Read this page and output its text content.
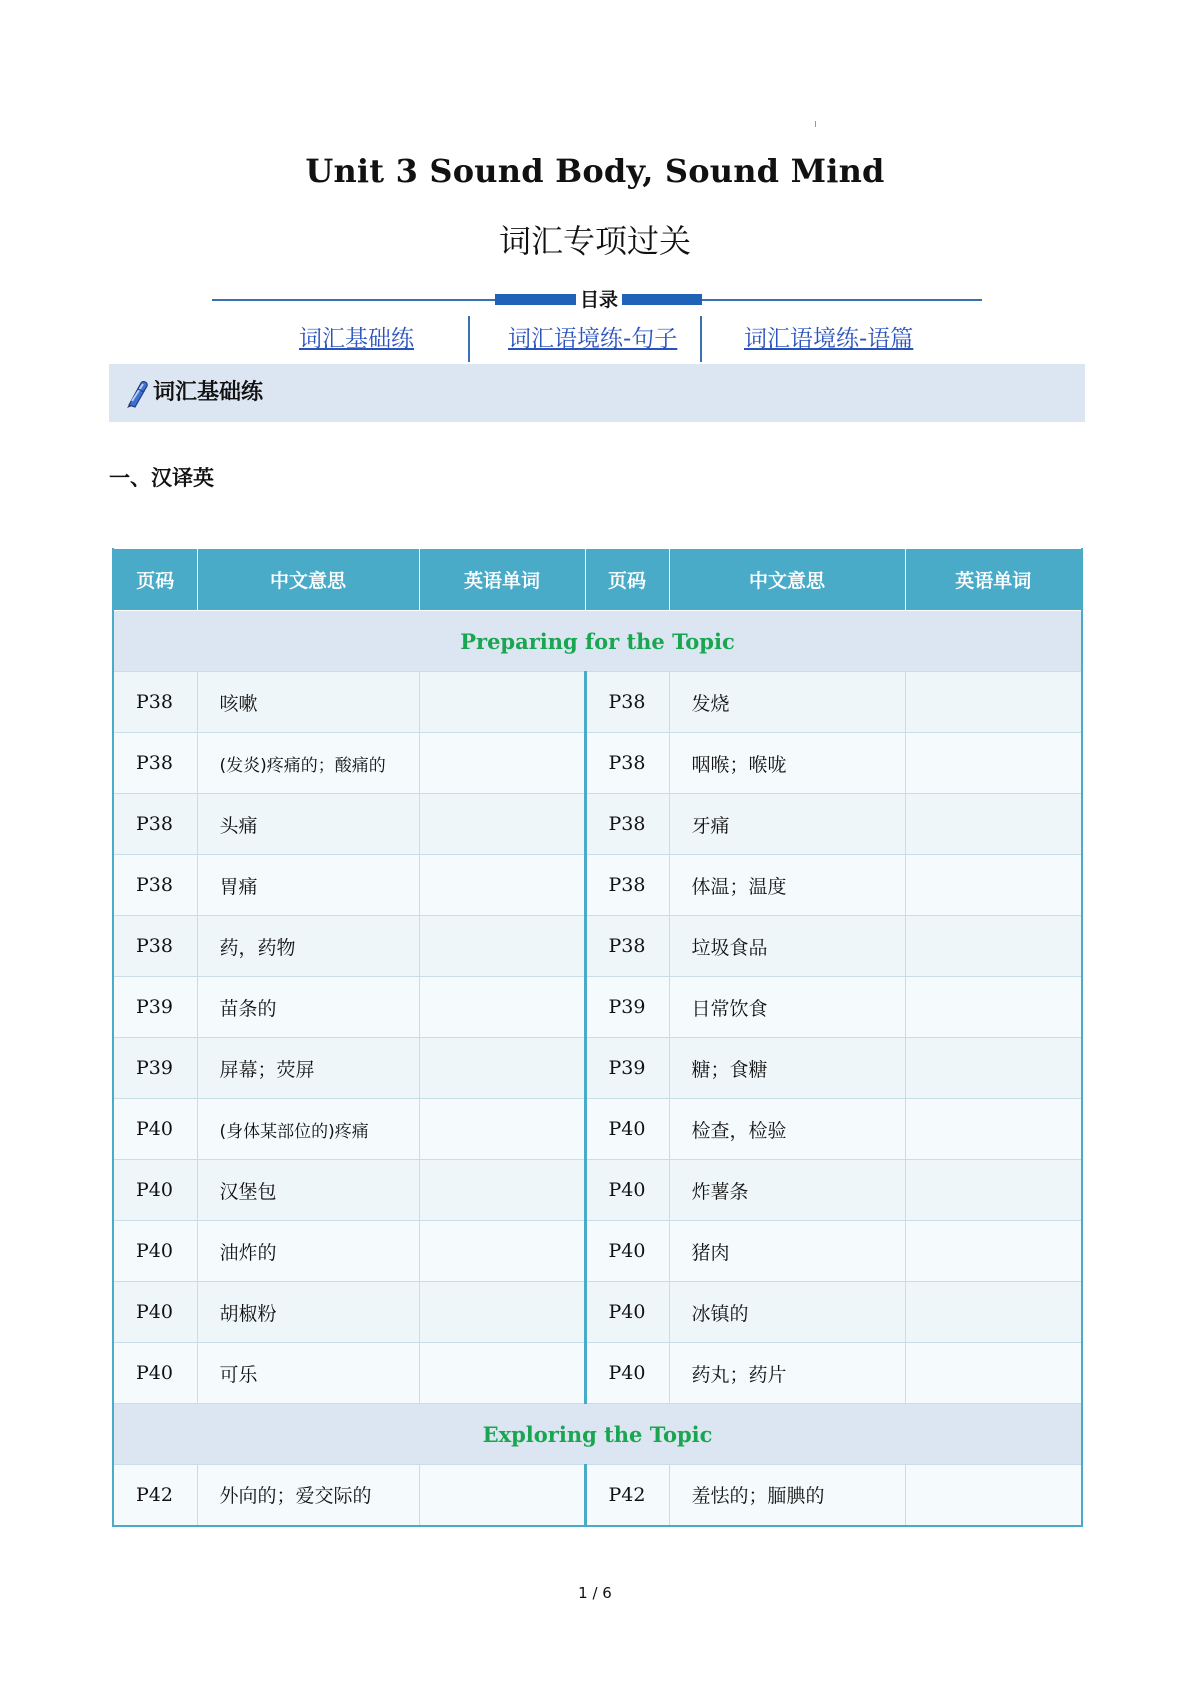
Unit 3 Sound Body, Sound Mind
词汇专项过关
目录
词汇基础练	词汇语境练-句子	词汇语境练-语篇
词汇基础练
一、汉译英
页码	中文意思	英语单词	页码	中文意思	英语单词
Preparing for the Topic					
P38	咳嗽		P38	发烧	
P38	(发炎)疼痛的；酸痛的		P38	咽喉；喉咙	
P38	头痛		P38	牙痛	
P38	胃痛		P38	体温；温度	
P38	药，药物		P38	垃圾食品	
P39	苗条的		P39	日常饮食	
P39	屏幕；荧屏		P39	糖；食糖	
P40	(身体某部位的)疼痛		P40	检查，检验	
P40	汉堡包		P40	炸薯条	
P40	油炸的		P40	猪肉	
P40	胡椒粉		P40	冰镇的	
P40	可乐		P40	药丸；药片	
Exploring the Topic					
P42	外向的；爱交际的		P42	羞怯的；腼腆的	
1 / 6
